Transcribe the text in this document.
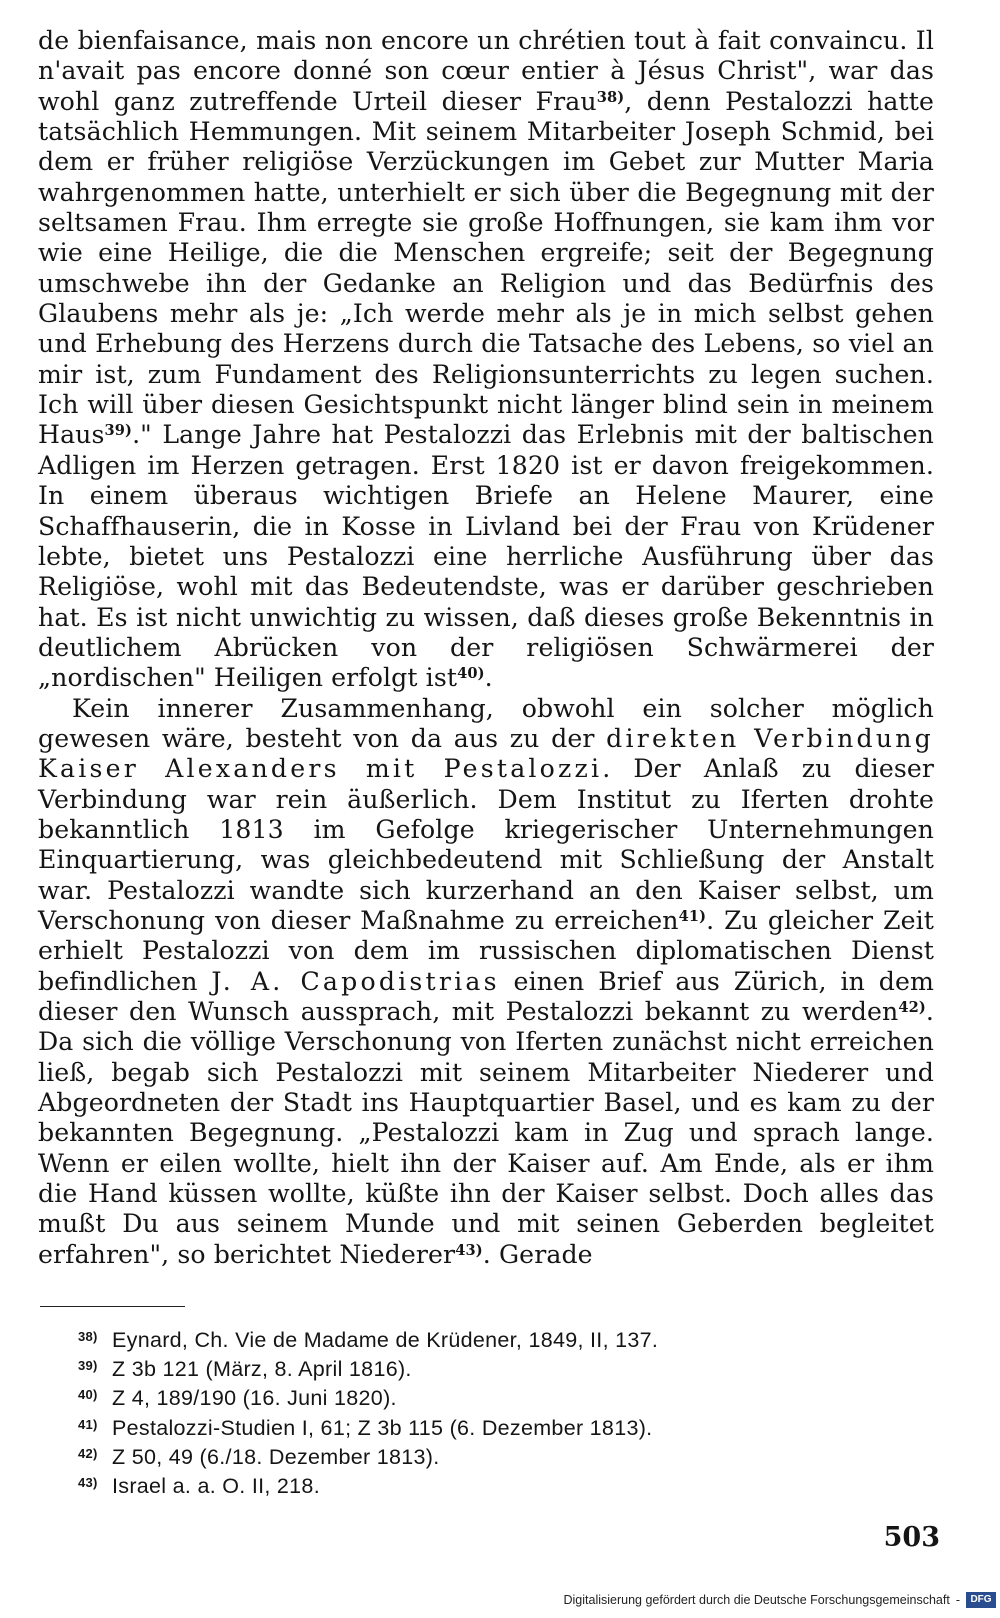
de bienfaisance, mais non encore un chrétien tout à fait convaincu. Il n'avait pas encore donné son cœur entier à Jésus Christ", war das wohl ganz zutreffende Urteil dieser Frau$^{38)}$, denn Pestalozzi hatte tatsächlich Hemmungen. Mit seinem Mitarbeiter Joseph Schmid, bei dem er früher religiöse Verzückungen im Gebet zur Mutter Maria wahrgenommen hatte, unterhielt er sich über die Begegnung mit der seltsamen Frau. Ihm erregte sie große Hoffnungen, sie kam ihm vor wie eine Heilige, die die Menschen ergreife; seit der Begegnung umschwebe ihn der Gedanke an Religion und das Bedürfnis des Glaubens mehr als je: „Ich werde mehr als je in mich selbst gehen und Erhebung des Herzens durch die Tatsache des Lebens, so viel an mir ist, zum Fundament des Religionsunterrichts zu legen suchen. Ich will über diesen Gesichtspunkt nicht länger blind sein in meinem Haus$^{39)}$." Lange Jahre hat Pestalozzi das Erlebnis mit der baltischen Adligen im Herzen getragen. Erst 1820 ist er davon freigekommen. In einem überaus wichtigen Briefe an Helene Maurer, eine Schaffhauserin, die in Kosse in Livland bei der Frau von Krüdener lebte, bietet uns Pestalozzi eine herrliche Ausführung über das Religiöse, wohl mit das Bedeutendste, was er darüber geschrieben hat. Es ist nicht unwichtig zu wissen, daß dieses große Bekenntnis in deutlichem Abrücken von der religiösen Schwärmerei der „nordischen" Heiligen erfolgt ist$^{40)}$.

Kein innerer Zusammenhang, obwohl ein solcher möglich gewesen wäre, besteht von da aus zu der direkten Verbindung Kaiser Alexanders mit Pestalozzi. Der Anlaß zu dieser Verbindung war rein äußerlich. Dem Institut zu Iferten drohte bekanntlich 1813 im Gefolge kriegerischer Unternehmungen Einquartierung, was gleichbedeutend mit Schließung der Anstalt war. Pestalozzi wandte sich kurzerhand an den Kaiser selbst, um Verschonung von dieser Maßnahme zu erreichen$^{41)}$. Zu gleicher Zeit erhielt Pestalozzi von dem im russischen diplomatischen Dienst befindlichen J. A. Capodistrias einen Brief aus Zürich, in dem dieser den Wunsch aussprach, mit Pestalozzi bekannt zu werden$^{42)}$. Da sich die völlige Verschonung von Iferten zunächst nicht erreichen ließ, begab sich Pestalozzi mit seinem Mitarbeiter Niederer und Abgeordneten der Stadt ins Hauptquartier Basel, und es kam zu der bekannten Begegnung. „Pestalozzi kam in Zug und sprach lange. Wenn er eilen wollte, hielt ihn der Kaiser auf. Am Ende, als er ihm die Hand küssen wollte, küßte ihn der Kaiser selbst. Doch alles das mußt Du aus seinem Munde und mit seinen Geberden begleitet erfahren", so berichtet Niederer$^{43)}$. Gerade

38) Eynard, Ch. Vie de Madame de Krüdener, 1849, II, 137.
39) Z 3b 121 (März, 8. April 1816).
40) Z 4, 189/190 (16. Juni 1820).
41) Pestalozzi-Studien I, 61; Z 3b 115 (6. Dezember 1813).
42) Z 50, 49 (6./18. Dezember 1813).
43) Israel a. a. O. II, 218.
503
Digitalisierung gefördert durch die Deutsche Forschungsgemeinschaft -	DFG
